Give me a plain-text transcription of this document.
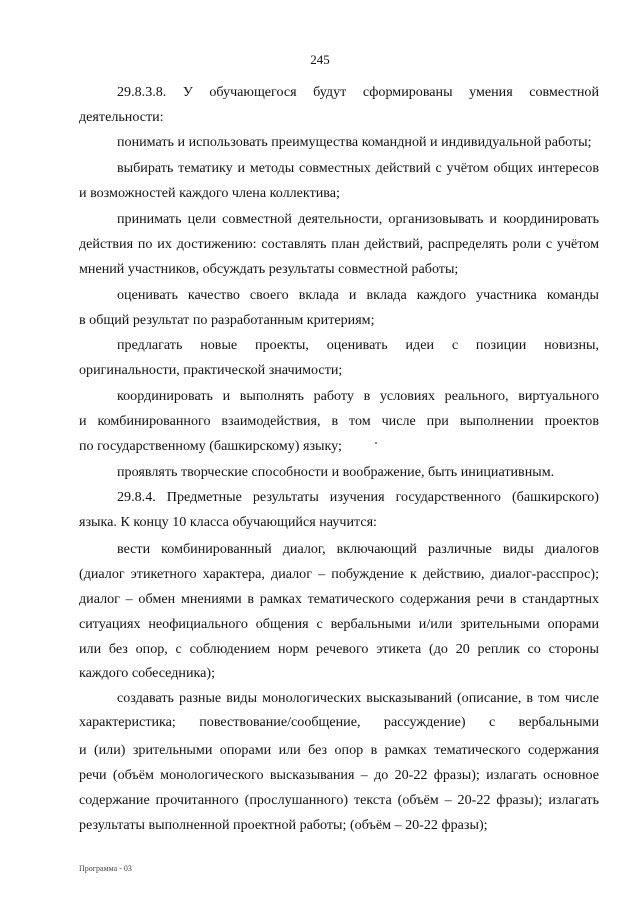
245
29.8.3.8. У обучающегося будут сформированы умения совместной
деятельности:
понимать и использовать преимущества командной и индивидуальной работы;
выбирать тематику и методы совместных действий с учётом общих интересов
и возможностей каждого члена коллектива;
принимать цели совместной деятельности, организовывать и координировать
действия по их достижению: составлять план действий, распределять роли с учётом
мнений участников, обсуждать результаты совместной работы;
оценивать качество своего вклада и вклада каждого участника команды
в общий результат по разработанным критериям;
предлагать новые проекты, оценивать идеи с позиции новизны,
оригинальности, практической значимости;
координировать и выполнять работу в условиях реального, виртуального
и комбинированного взаимодействия, в том числе при выполнении проектов
по государственному (башкирскому) языку;
проявлять творческие способности и воображение, быть инициативным.
29.8.4. Предметные результаты изучения государственного (башкирского)
языка. К концу 10 класса обучающийся научится:
вести комбинированный диалог, включающий различные виды диалогов
(диалог этикетного характера, диалог – побуждение к действию, диалог-расспрос);
диалог – обмен мнениями в рамках тематического содержания речи в стандартных
ситуациях неофициального общения с вербальными и/или зрительными опорами
или без опор, с соблюдением норм речевого этикета (до 20 реплик со стороны
каждого собеседника);
создавать разные виды монологических высказываний (описание, в том числе
характеристика; повествование/сообщение, рассуждение) с вербальными
и (или) зрительными опорами или без опор в рамках тематического содержания
речи (объём монологического высказывания – до 20-22 фразы); излагать основное
содержание прочитанного (прослушанного) текста (объём – 20-22 фразы); излагать
результаты выполненной проектной работы; (объём – 20-22 фразы);
Программа - 03
